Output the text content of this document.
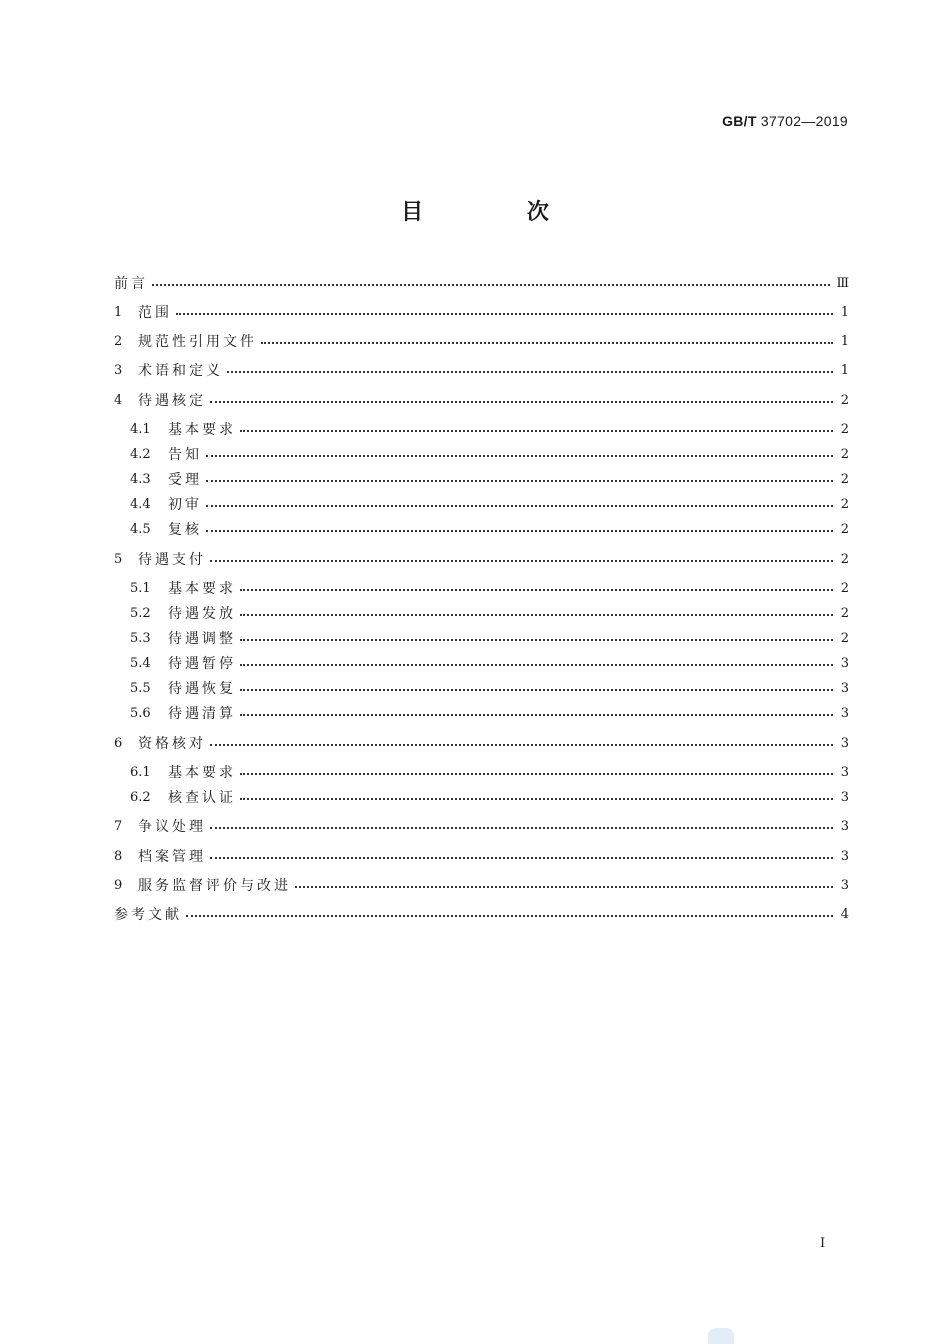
GB/T 37702—2019
目 次
前言	Ⅲ
1	范围	1
2	规范性引用文件	1
3	术语和定义	1
4	待遇核定	2
4.1	基本要求	2
4.2	告知	2
4.3	受理	2
4.4	初审	2
4.5	复核	2
5	待遇支付	2
5.1	基本要求	2
5.2	待遇发放	2
5.3	待遇调整	2
5.4	待遇暂停	3
5.5	待遇恢复	3
5.6	待遇清算	3
6	资格核对	3
6.1	基本要求	3
6.2	核查认证	3
7	争议处理	3
8	档案管理	3
9	服务监督评价与改进	3
参考文献	4
I
